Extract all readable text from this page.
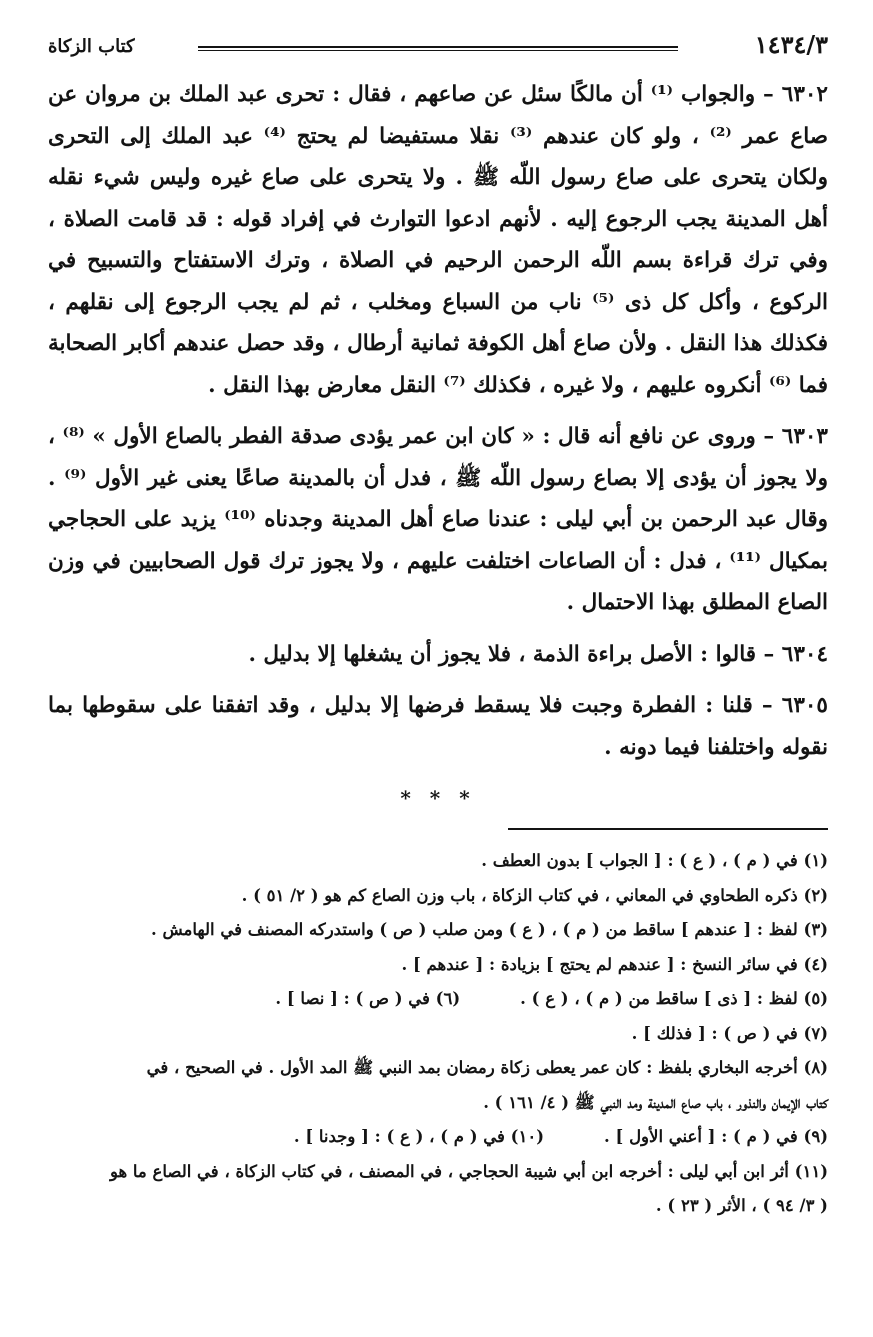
١٤٣٤/٣
كتاب الزكاة

٦٣٠٢ – والجواب ⁽¹⁾ أن مالكًا سئل عن صاعهم ، فقال : تحرى عبد الملك بن مروان عن صاع عمر ⁽²⁾ ، ولو كان عندهم ⁽³⁾ نقلا مستفيضا لم يحتج ⁽⁴⁾ عبد الملك إلى التحرى ولكان يتحرى على صاع رسول اللّه ﷺ . ولا يتحرى على صاع غيره وليس شيء نقله أهل المدينة يجب الرجوع إليه . لأنهم ادعوا التوارث في إفراد قوله : قد قامت الصلاة ، وفي ترك قراءة بسم اللّه الرحمن الرحيم في الصلاة ، وترك الاستفتاح والتسبيح في الركوع ، وأكل كل ذى ⁽⁵⁾ ناب من السباع ومخلب ، ثم لم يجب الرجوع إلى نقلهم ، فكذلك هذا النقل . ولأن صاع أهل الكوفة ثمانية أرطال ، وقد حصل عندهم أكابر الصحابة فما ⁽⁶⁾ أنكروه عليهم ، ولا غيره ، فكذلك ⁽⁷⁾ النقل معارض بهذا النقل .

٦٣٠٣ – وروى عن نافع أنه قال : « كان ابن عمر يؤدى صدقة الفطر بالصاع الأول » ⁽⁸⁾ ، ولا يجوز أن يؤدى إلا بصاع رسول اللّه ﷺ ، فدل أن بالمدينة صاعًا يعنى غير الأول ⁽⁹⁾ . وقال عبد الرحمن بن أبي ليلى : عندنا صاع أهل المدينة وجدناه ⁽¹⁰⁾ يزيد على الحجاجي بمكيال ⁽¹¹⁾ ، فدل : أن الصاعات اختلفت عليهم ، ولا يجوز ترك قول الصحابيين في وزن الصاع المطلق بهذا الاحتمال .

٦٣٠٤ – قالوا : الأصل براءة الذمة ، فلا يجوز أن يشغلها إلا بدليل .

٦٣٠٥ – قلنا : الفطرة وجبت فلا يسقط فرضها إلا بدليل ، وقد اتفقنا على سقوطها بما نقوله واختلفنا فيما دونه .

* * *

(١) في ( م ) ، ( ع ) : [ الجواب ] بدون العطف .

(٢) ذكره الطحاوي في المعاني ، في كتاب الزكاة ، باب وزن الصاع كم هو ( ٢/ ٥١ ) .

(٣) لفظ : [ عندهم ] ساقط من ( م ) ، ( ع ) ومن صلب ( ص ) واستدركه المصنف في الهامش .

(٤) في سائر النسخ : [ عندهم لم يحتج ] بزيادة : [ عندهم ] .

(٥) لفظ : [ ذى ] ساقط من ( م ) ، ( ع ) .
(٦) في ( ص ) : [ نصا ] .

(٧) في ( ص ) : [ فذلك ] .

(٨) أخرجه البخاري بلفظ : كان عمر يعطى زكاة رمضان بمد النبي ﷺ المد الأول . في الصحيح ، في

كتاب الإيمان والنذور ، باب صاع المدينة ومد النبي ﷺ ( ٤/ ١٦١ ) .

(٩) في ( م ) : [ أعني الأول ] .
(١٠) في ( م ) ، ( ع ) : [ وجدنا ] .

(١١) أثر ابن أبي ليلى : أخرجه ابن أبي شيبة الحجاجي ، في المصنف ، في كتاب الزكاة ، في الصاع ما هو

( ٣/ ٩٤ ) ، الأثر ( ٢٣ ) .
